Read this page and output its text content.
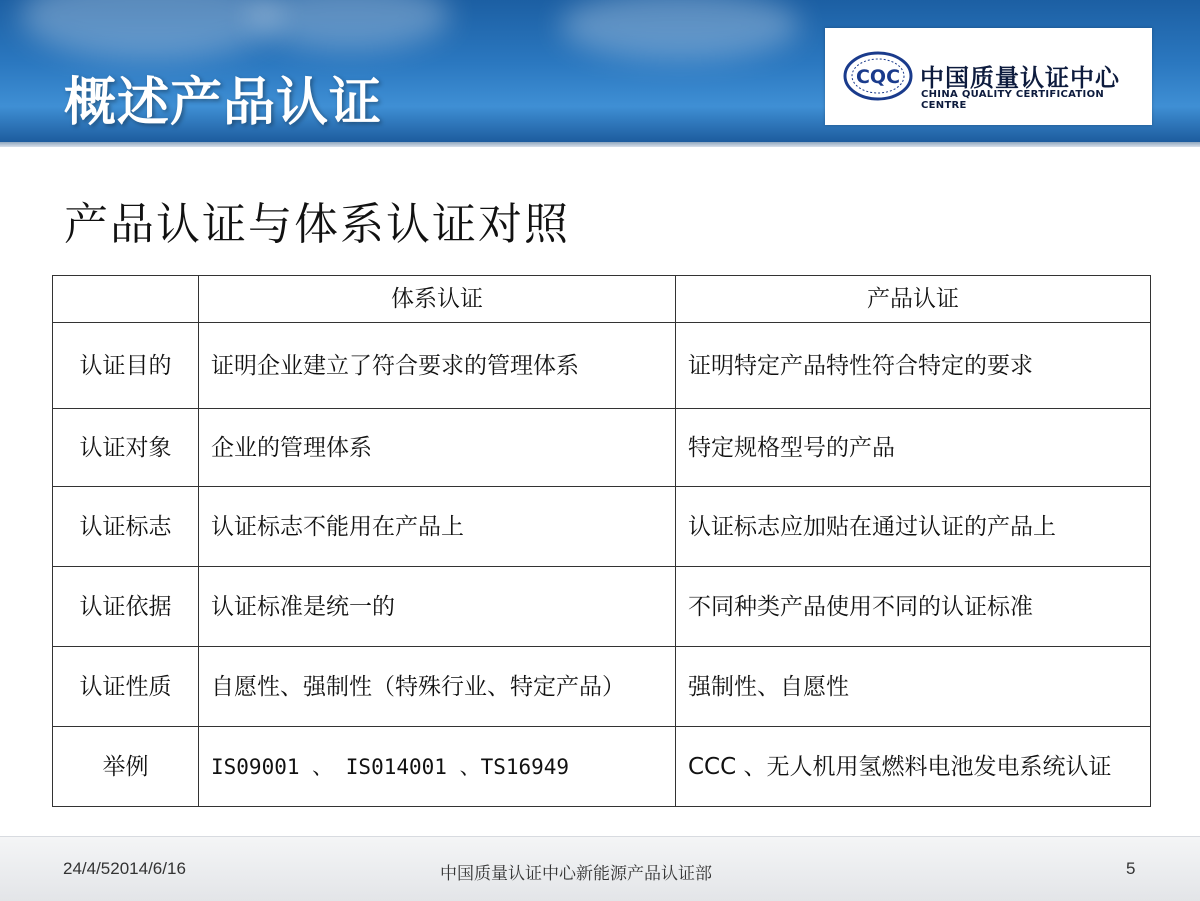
概述产品认证	CQC 中国质量认证中心
CHINA QUALITY CERTIFICATION CENTRE
产品认证与体系认证对照
	体系认证	产品认证
认证目的	证明企业建立了符合要求的管理体系	证明特定产品特性符合特定的要求
认证对象	企业的管理体系	特定规格型号的产品
认证标志	认证标志不能用在产品上	认证标志应加贴在通过认证的产品上
认证依据	认证标准是统一的	不同种类产品使用不同的认证标准
认证性质	自愿性、强制性（特殊行业、特定产品）	强制性、自愿性
举例	IS09001 、 IS014001 、TS16949	CCC 、无人机用氢燃料电池发电系统认证
24/4/52014/6/16	中国质量认证中心新能源产品认证部	5
